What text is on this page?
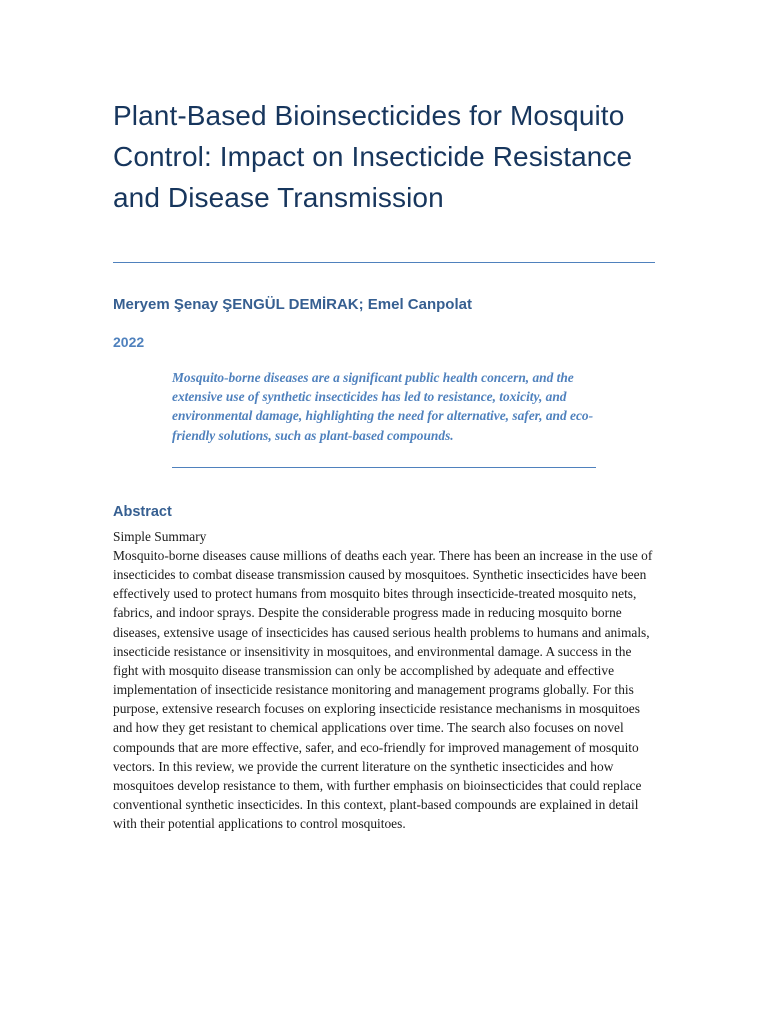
Plant-Based Bioinsecticides for Mosquito Control: Impact on Insecticide Resistance and Disease Transmission

Meryem Şenay ŞENGÜL DEMİRAK; Emel Canpolat

2022

Mosquito-borne diseases are a significant public health concern, and the extensive use of synthetic insecticides has led to resistance, toxicity, and environmental damage, highlighting the need for alternative, safer, and eco-friendly solutions, such as plant-based compounds.

Abstract

Simple Summary

Mosquito-borne diseases cause millions of deaths each year. There has been an increase in the use of insecticides to combat disease transmission caused by mosquitoes. Synthetic insecticides have been effectively used to protect humans from mosquito bites through insecticide-treated mosquito nets, fabrics, and indoor sprays. Despite the considerable progress made in reducing mosquito borne diseases, extensive usage of insecticides has caused serious health problems to humans and animals, insecticide resistance or insensitivity in mosquitoes, and environmental damage. A success in the fight with mosquito disease transmission can only be accomplished by adequate and effective implementation of insecticide resistance monitoring and management programs globally. For this purpose, extensive research focuses on exploring insecticide resistance mechanisms in mosquitoes and how they get resistant to chemical applications over time. The search also focuses on novel compounds that are more effective, safer, and eco-friendly for improved management of mosquito vectors. In this review, we provide the current literature on the synthetic insecticides and how mosquitoes develop resistance to them, with further emphasis on bioinsecticides that could replace conventional synthetic insecticides. In this context, plant-based compounds are explained in detail with their potential applications to control mosquitoes.
